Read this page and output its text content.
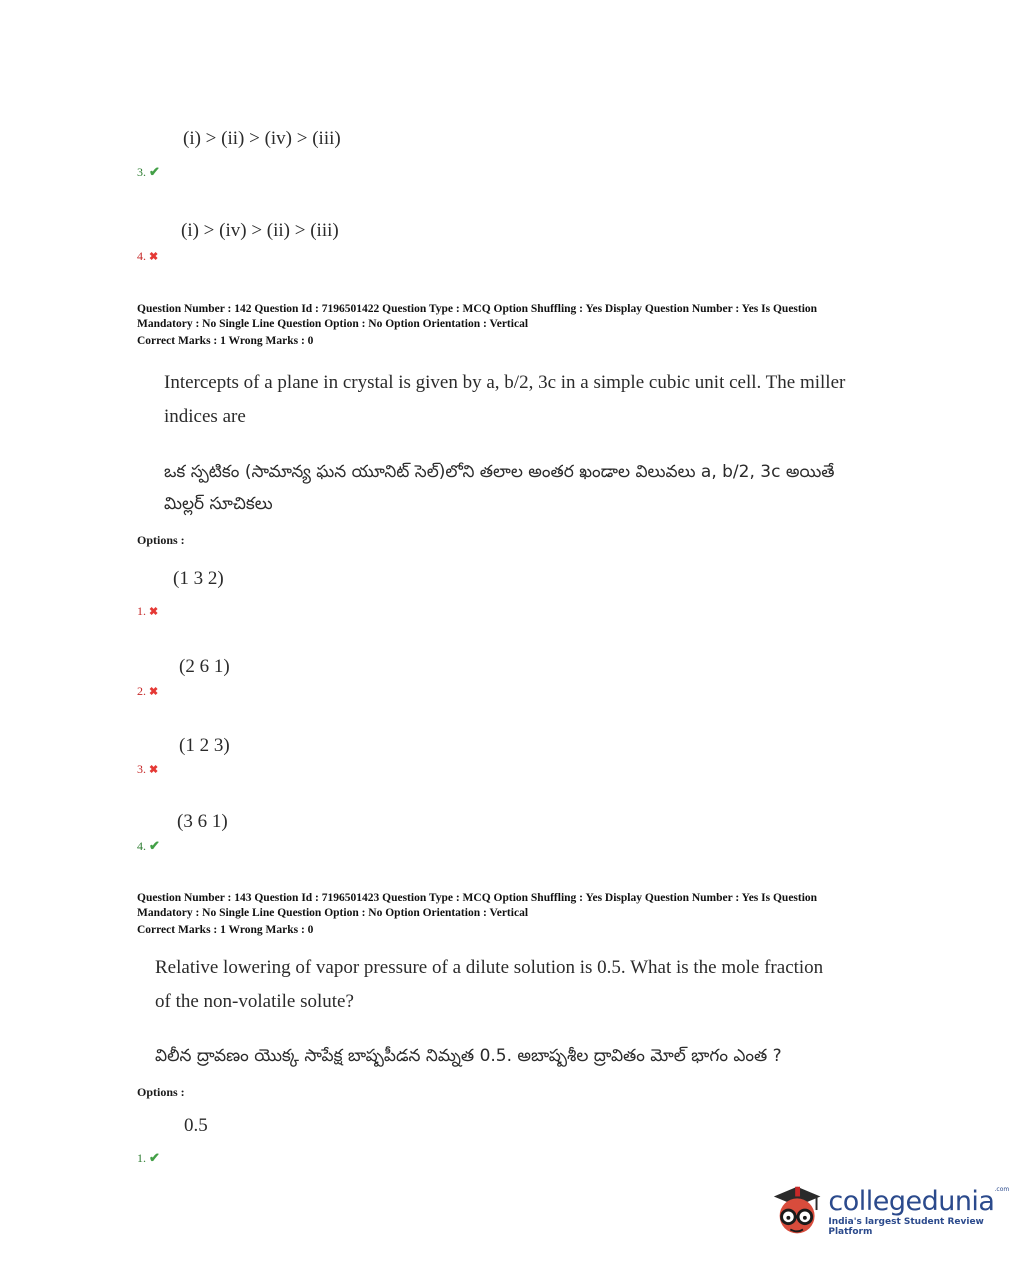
(i) > (ii) > (iv) > (iii)
3. ✔
(i) > (iv) > (ii) > (iii)
4. ✖
Question Number : 142 Question Id : 7196501422 Question Type : MCQ Option Shuffling : Yes Display Question Number : Yes Is Question
Mandatory : No Single Line Question Option : No Option Orientation : Vertical
Correct Marks : 1 Wrong Marks : 0
Intercepts of a plane in crystal is given by a, b/2, 3c in a simple cubic unit cell. The miller
indices are
ఒక స్పటికం (సామాన్య ఘన యూనిట్ సెల్)లోని తలాల అంతర ఖండాల విలువలు a, b/2, 3c అయితే
మిల్లర్ సూచికలు
Options :
(1 3 2)
1. ✖
(2 6 1)
2. ✖
(1 2 3)
3. ✖
(3 6 1)
4. ✔
Question Number : 143 Question Id : 7196501423 Question Type : MCQ Option Shuffling : Yes Display Question Number : Yes Is Question
Mandatory : No Single Line Question Option : No Option Orientation : Vertical
Correct Marks : 1 Wrong Marks : 0
Relative lowering of vapor pressure of a dilute solution is 0.5. What is the mole fraction
of the non-volatile solute?
విలీన ద్రావణం యొక్క సాపేక్ష బాష్పపీడన నిమ్నత 0.5. అబాష్పశీల ద్రావితం మోల్ భాగం ఎంత ?
Options :
0.5
1. ✔
collegedunia$^{.com}$
India's largest Student Review Platform
